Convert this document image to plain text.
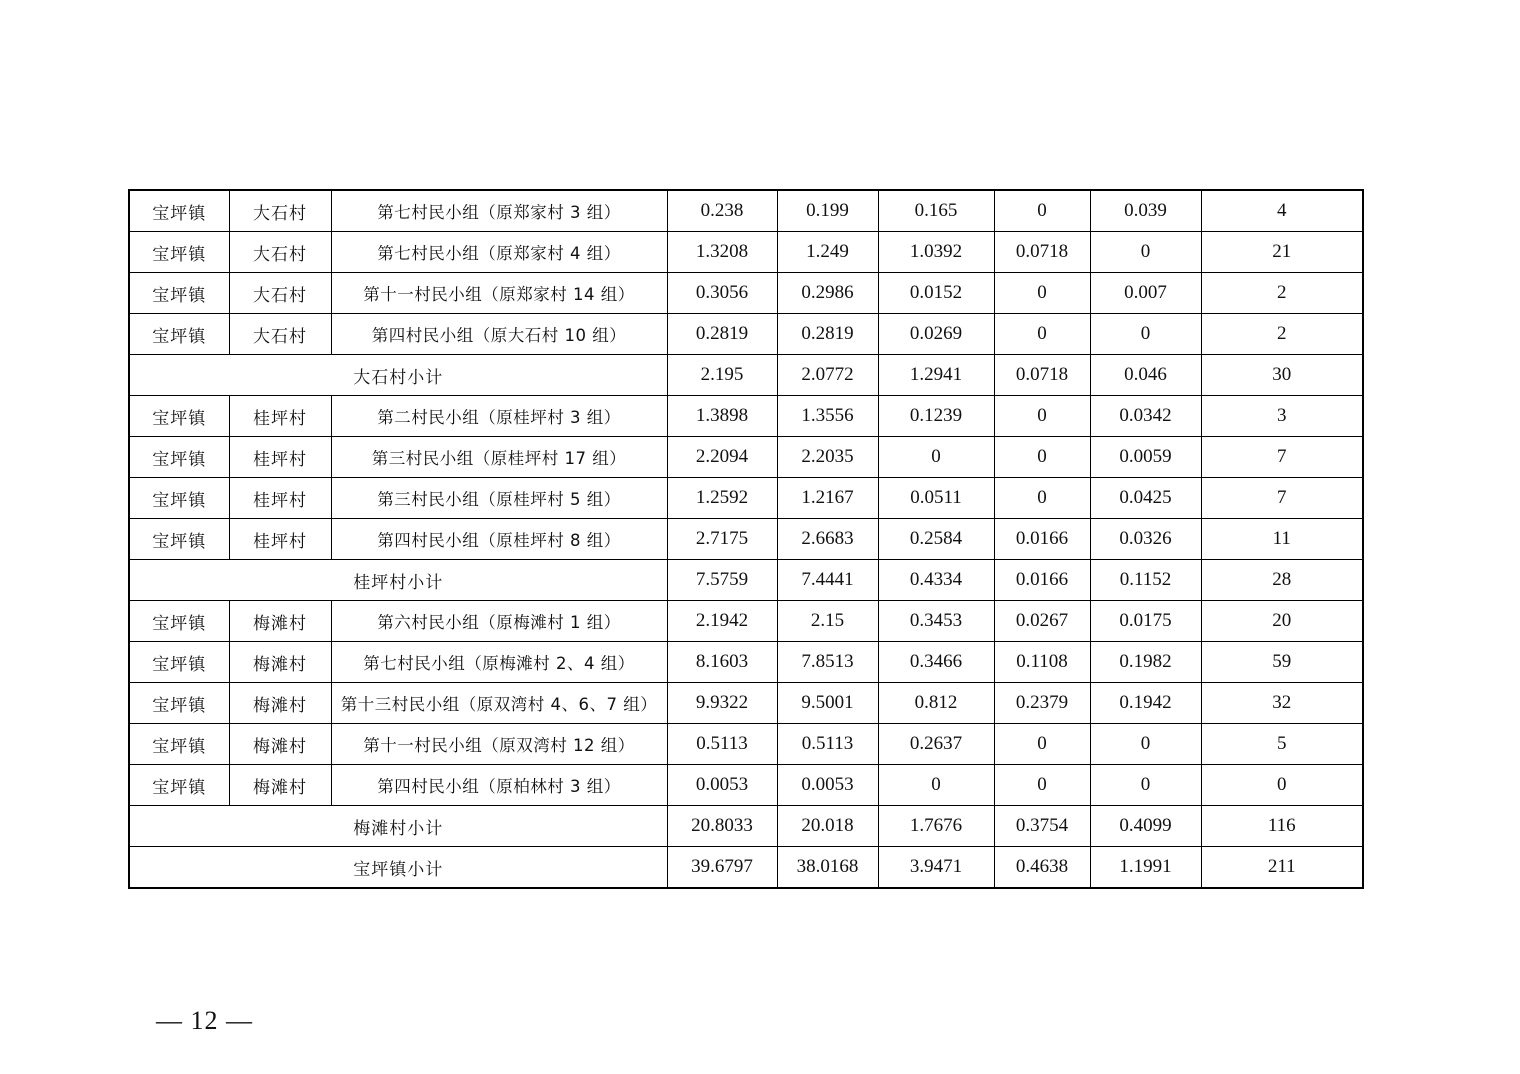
宝坪镇	大石村	第七村民小组（原郑家村 3 组）	0.238	0.199	0.165	0	0.039	4
宝坪镇	大石村	第七村民小组（原郑家村 4 组）	1.3208	1.249	1.0392	0.0718	0	21
宝坪镇	大石村	第十一村民小组（原郑家村 14 组）	0.3056	0.2986	0.0152	0	0.007	2
宝坪镇	大石村	第四村民小组（原大石村 10 组）	0.2819	0.2819	0.0269	0	0	2
大石村小计			2.195	2.0772	1.2941	0.0718	0.046	30
宝坪镇	桂坪村	第二村民小组（原桂坪村 3 组）	1.3898	1.3556	0.1239	0	0.0342	3
宝坪镇	桂坪村	第三村民小组（原桂坪村 17 组）	2.2094	2.2035	0	0	0.0059	7
宝坪镇	桂坪村	第三村民小组（原桂坪村 5 组）	1.2592	1.2167	0.0511	0	0.0425	7
宝坪镇	桂坪村	第四村民小组（原桂坪村 8 组）	2.7175	2.6683	0.2584	0.0166	0.0326	11
桂坪村小计			7.5759	7.4441	0.4334	0.0166	0.1152	28
宝坪镇	梅滩村	第六村民小组（原梅滩村 1 组）	2.1942	2.15	0.3453	0.0267	0.0175	20
宝坪镇	梅滩村	第七村民小组（原梅滩村 2、4 组）	8.1603	7.8513	0.3466	0.1108	0.1982	59
宝坪镇	梅滩村	第十三村民小组（原双湾村 4、6、7 组）	9.9322	9.5001	0.812	0.2379	0.1942	32
宝坪镇	梅滩村	第十一村民小组（原双湾村 12 组）	0.5113	0.5113	0.2637	0	0	5
宝坪镇	梅滩村	第四村民小组（原柏林村 3 组）	0.0053	0.0053	0	0	0	0
梅滩村小计			20.8033	20.018	1.7676	0.3754	0.4099	116
宝坪镇小计			39.6797	38.0168	3.9471	0.4638	1.1991	211
— 12 —
